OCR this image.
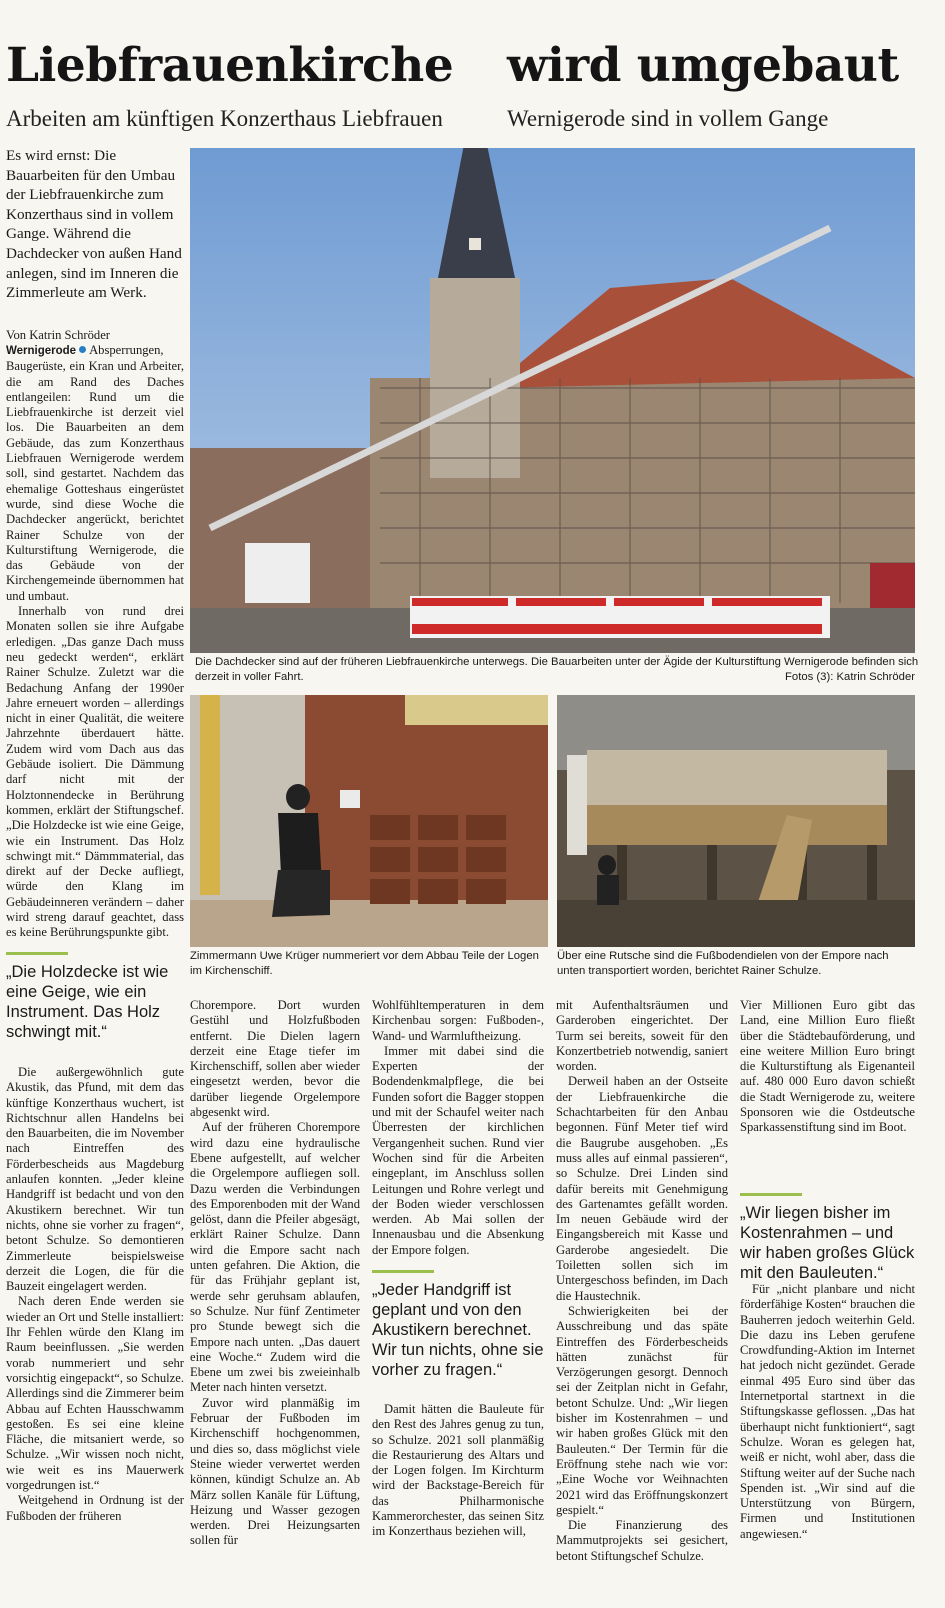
Liebfrauenkirche wird umgebaut
Arbeiten am künftigen Konzerthaus Liebfrauen	Wernigerode sind in vollem Gange
Es wird ernst: Die Bauarbeiten für den Umbau der Liebfrauenkirche zum Konzerthaus sind in vollem Gange. Während die Dachdecker von außen Hand anlegen, sind im Inneren die Zimmerleute am Werk.
Von Katrin Schröder

Wernigerode Absperrungen, Baugerüste, ein Kran und Arbeiter, die am Rand des Daches entlangeilen: Rund um die Liebfrauenkirche ist derzeit viel los. Die Bauarbeiten an dem Gebäude, das zum Konzerthaus Liebfrauen Wernigerode werdem soll, sind gestartet. Nachdem das ehemalige Gotteshaus eingerüstet wurde, sind diese Woche die Dachdecker angerückt, berichtet Rainer Schulze von der Kulturstiftung Wernigerode, die das Gebäude von der Kirchengemeinde übernommen hat und umbaut.

Innerhalb von rund drei Monaten sollen sie ihre Aufgabe erledigen. „Das ganze Dach muss neu gedeckt werden“, erklärt Rainer Schulze. Zuletzt war die Bedachung Anfang der 1990er Jahre erneuert worden – allerdings nicht in einer Qualität, die weitere Jahrzehnte überdauert hätte. Zudem wird vom Dach aus das Gebäude isoliert. Die Dämmung darf nicht mit der Holztonnendecke in Berührung kommen, erklärt der Stiftungschef. „Die Holzdecke ist wie eine Geige, wie ein Instrument. Das Holz schwingt mit.“ Dämmmaterial, das direkt auf der Decke aufliegt, würde den Klang im Gebäudeinneren verändern – daher wird streng darauf geachtet, dass es keine Berührungspunkte gibt.

Die Dachdecker sind auf der früheren Liebfrauenkirche unterwegs. Die Bauarbeiten unter der Ägide der Kulturstiftung Wernigerode befinden sich derzeit in voller Fahrt.	Fotos (3): Katrin Schröder
Zimmermann Uwe Krüger nummeriert vor dem Abbau Teile der Logen im Kirchenschiff.
Über eine Rutsche sind die Fußbodendielen von der Empore nach unten transportiert worden, berichtet Rainer Schulze.
„Die Holzdecke ist wie eine Geige, wie ein Instrument. Das Holz schwingt mit.“

Die außergewöhnlich gute Akustik, das Pfund, mit dem das künftige Konzerthaus wuchert, ist Richtschnur allen Handelns bei den Bauarbeiten, die im November nach Eintreffen des Förderbescheids aus Magdeburg anlaufen konnten. „Jeder kleine Handgriff ist bedacht und von den Akustikern berechnet. Wir tun nichts, ohne sie vorher zu fragen“, betont Schulze. So demontieren Zimmerleute beispielsweise derzeit die Logen, die für die Bauzeit eingelagert werden.

Nach deren Ende werden sie wieder an Ort und Stelle installiert: Ihr Fehlen würde den Klang im Raum beeinflussen. „Sie werden vorab nummeriert und sehr vorsichtig eingepackt“, so Schulze. Allerdings sind die Zimmerer beim Abbau auf Echten Hausschwamm gestoßen. Es sei eine kleine Fläche, die mitsaniert werde, so Schulze. „Wir wissen noch nicht, wie weit es ins Mauerwerk vorgedrungen ist.“

Weitgehend in Ordnung ist der Fußboden der früheren

Chorempore. Dort wurden Gestühl und Holzfußboden entfernt. Die Dielen lagern derzeit eine Etage tiefer im Kirchenschiff, sollen aber wieder eingesetzt werden, bevor die darüber liegende Orgelempore abgesenkt wird.

Auf der früheren Chorempore wird dazu eine hydraulische Ebene aufgestellt, auf welcher die Orgelempore aufliegen soll. Dazu werden die Verbindungen des Emporenboden mit der Wand gelöst, dann die Pfeiler abgesägt, erklärt Rainer Schulze. Dann wird die Empore sacht nach unten gefahren. Die Aktion, die für das Frühjahr geplant ist, werde sehr geruhsam ablaufen, so Schulze. Nur fünf Zentimeter pro Stunde bewegt sich die Empore nach unten. „Das dauert eine Woche.“ Zudem wird die Ebene um zwei bis zweieinhalb Meter nach hinten versetzt.

Zuvor wird planmäßig im Februar der Fußboden im Kirchenschiff hochgenommen, und dies so, dass möglichst viele Steine wieder verwertet werden können, kündigt Schulze an. Ab März sollen Kanäle für Lüftung, Heizung und Wasser gezogen werden. Drei Heizungsarten sollen für

Wohlfühltemperaturen in dem Kirchenbau sorgen: Fußboden-, Wand- und Warmluftheizung.

Immer mit dabei sind die Experten der Bodendenkmalpflege, die bei Funden sofort die Bagger stoppen und mit der Schaufel weiter nach Überresten der kirchlichen Vergangenheit suchen. Rund vier Wochen sind für die Arbeiten eingeplant, im Anschluss sollen Leitungen und Rohre verlegt und der Boden wieder verschlossen werden. Ab Mai sollen der Innenausbau und die Absenkung der Empore folgen.

„Jeder Handgriff ist geplant und von den Akustikern berechnet. Wir tun nichts, ohne sie vorher zu fragen.“

Damit hätten die Bauleute für den Rest des Jahres genug zu tun, so Schulze. 2021 soll planmäßig die Restaurierung des Altars und der Logen folgen. Im Kirchturm wird der Backstage-Bereich für das Philharmonische Kammerorchester, das seinen Sitz im Konzerthaus beziehen will,

mit Aufenthaltsräumen und Garderoben eingerichtet. Der Turm sei bereits, soweit für den Konzertbetrieb notwendig, saniert worden.

Derweil haben an der Ostseite der Liebfrauenkirche die Schachtarbeiten für den Anbau begonnen. Fünf Meter tief wird die Baugrube ausgehoben. „Es muss alles auf einmal passieren“, so Schulze. Drei Linden sind dafür bereits mit Genehmigung des Gartenamtes gefällt worden. Im neuen Gebäude wird der Eingangsbereich mit Kasse und Garderobe angesiedelt. Die Toiletten sollen sich im Untergeschoss befinden, im Dach die Haustechnik.

Schwierigkeiten bei der Ausschreibung und das späte Eintreffen des Förderbescheids hätten zunächst für Verzögerungen gesorgt. Dennoch sei der Zeitplan nicht in Gefahr, betont Schulze. Und: „Wir liegen bisher im Kostenrahmen – und wir haben großes Glück mit den Bauleuten.“ Der Termin für die Eröffnung stehe nach wie vor: „Eine Woche vor Weihnachten 2021 wird das Eröffnungskonzert gespielt.“

Die Finanzierung des Mammutprojekts sei gesichert, betont Stiftungschef Schulze.

Vier Millionen Euro gibt das Land, eine Million Euro fließt über die Städtebauförderung, und eine weitere Million Euro bringt die Kulturstiftung als Eigenanteil auf. 480 000 Euro davon schießt die Stadt Wernigerode zu, weitere Sponsoren wie die Ostdeutsche Sparkassenstiftung sind im Boot.

„Wir liegen bisher im Kostenrahmen – und wir haben großes Glück mit den Bauleuten.“

Für „nicht planbare und nicht förderfähige Kosten“ brauchen die Bauherren jedoch weiterhin Geld. Die dazu ins Leben gerufene Crowdfunding-Aktion im Internet hat jedoch nicht gezündet. Gerade einmal 495 Euro sind über das Internetportal startnext in die Stiftungskasse geflossen. „Das hat überhaupt nicht funktioniert“, sagt Schulze. Woran es gelegen hat, weiß er nicht, wohl aber, dass die Stiftung weiter auf der Suche nach Spenden ist. „Wir sind auf die Unterstützung von Bürgern, Firmen und Institutionen angewiesen.“
